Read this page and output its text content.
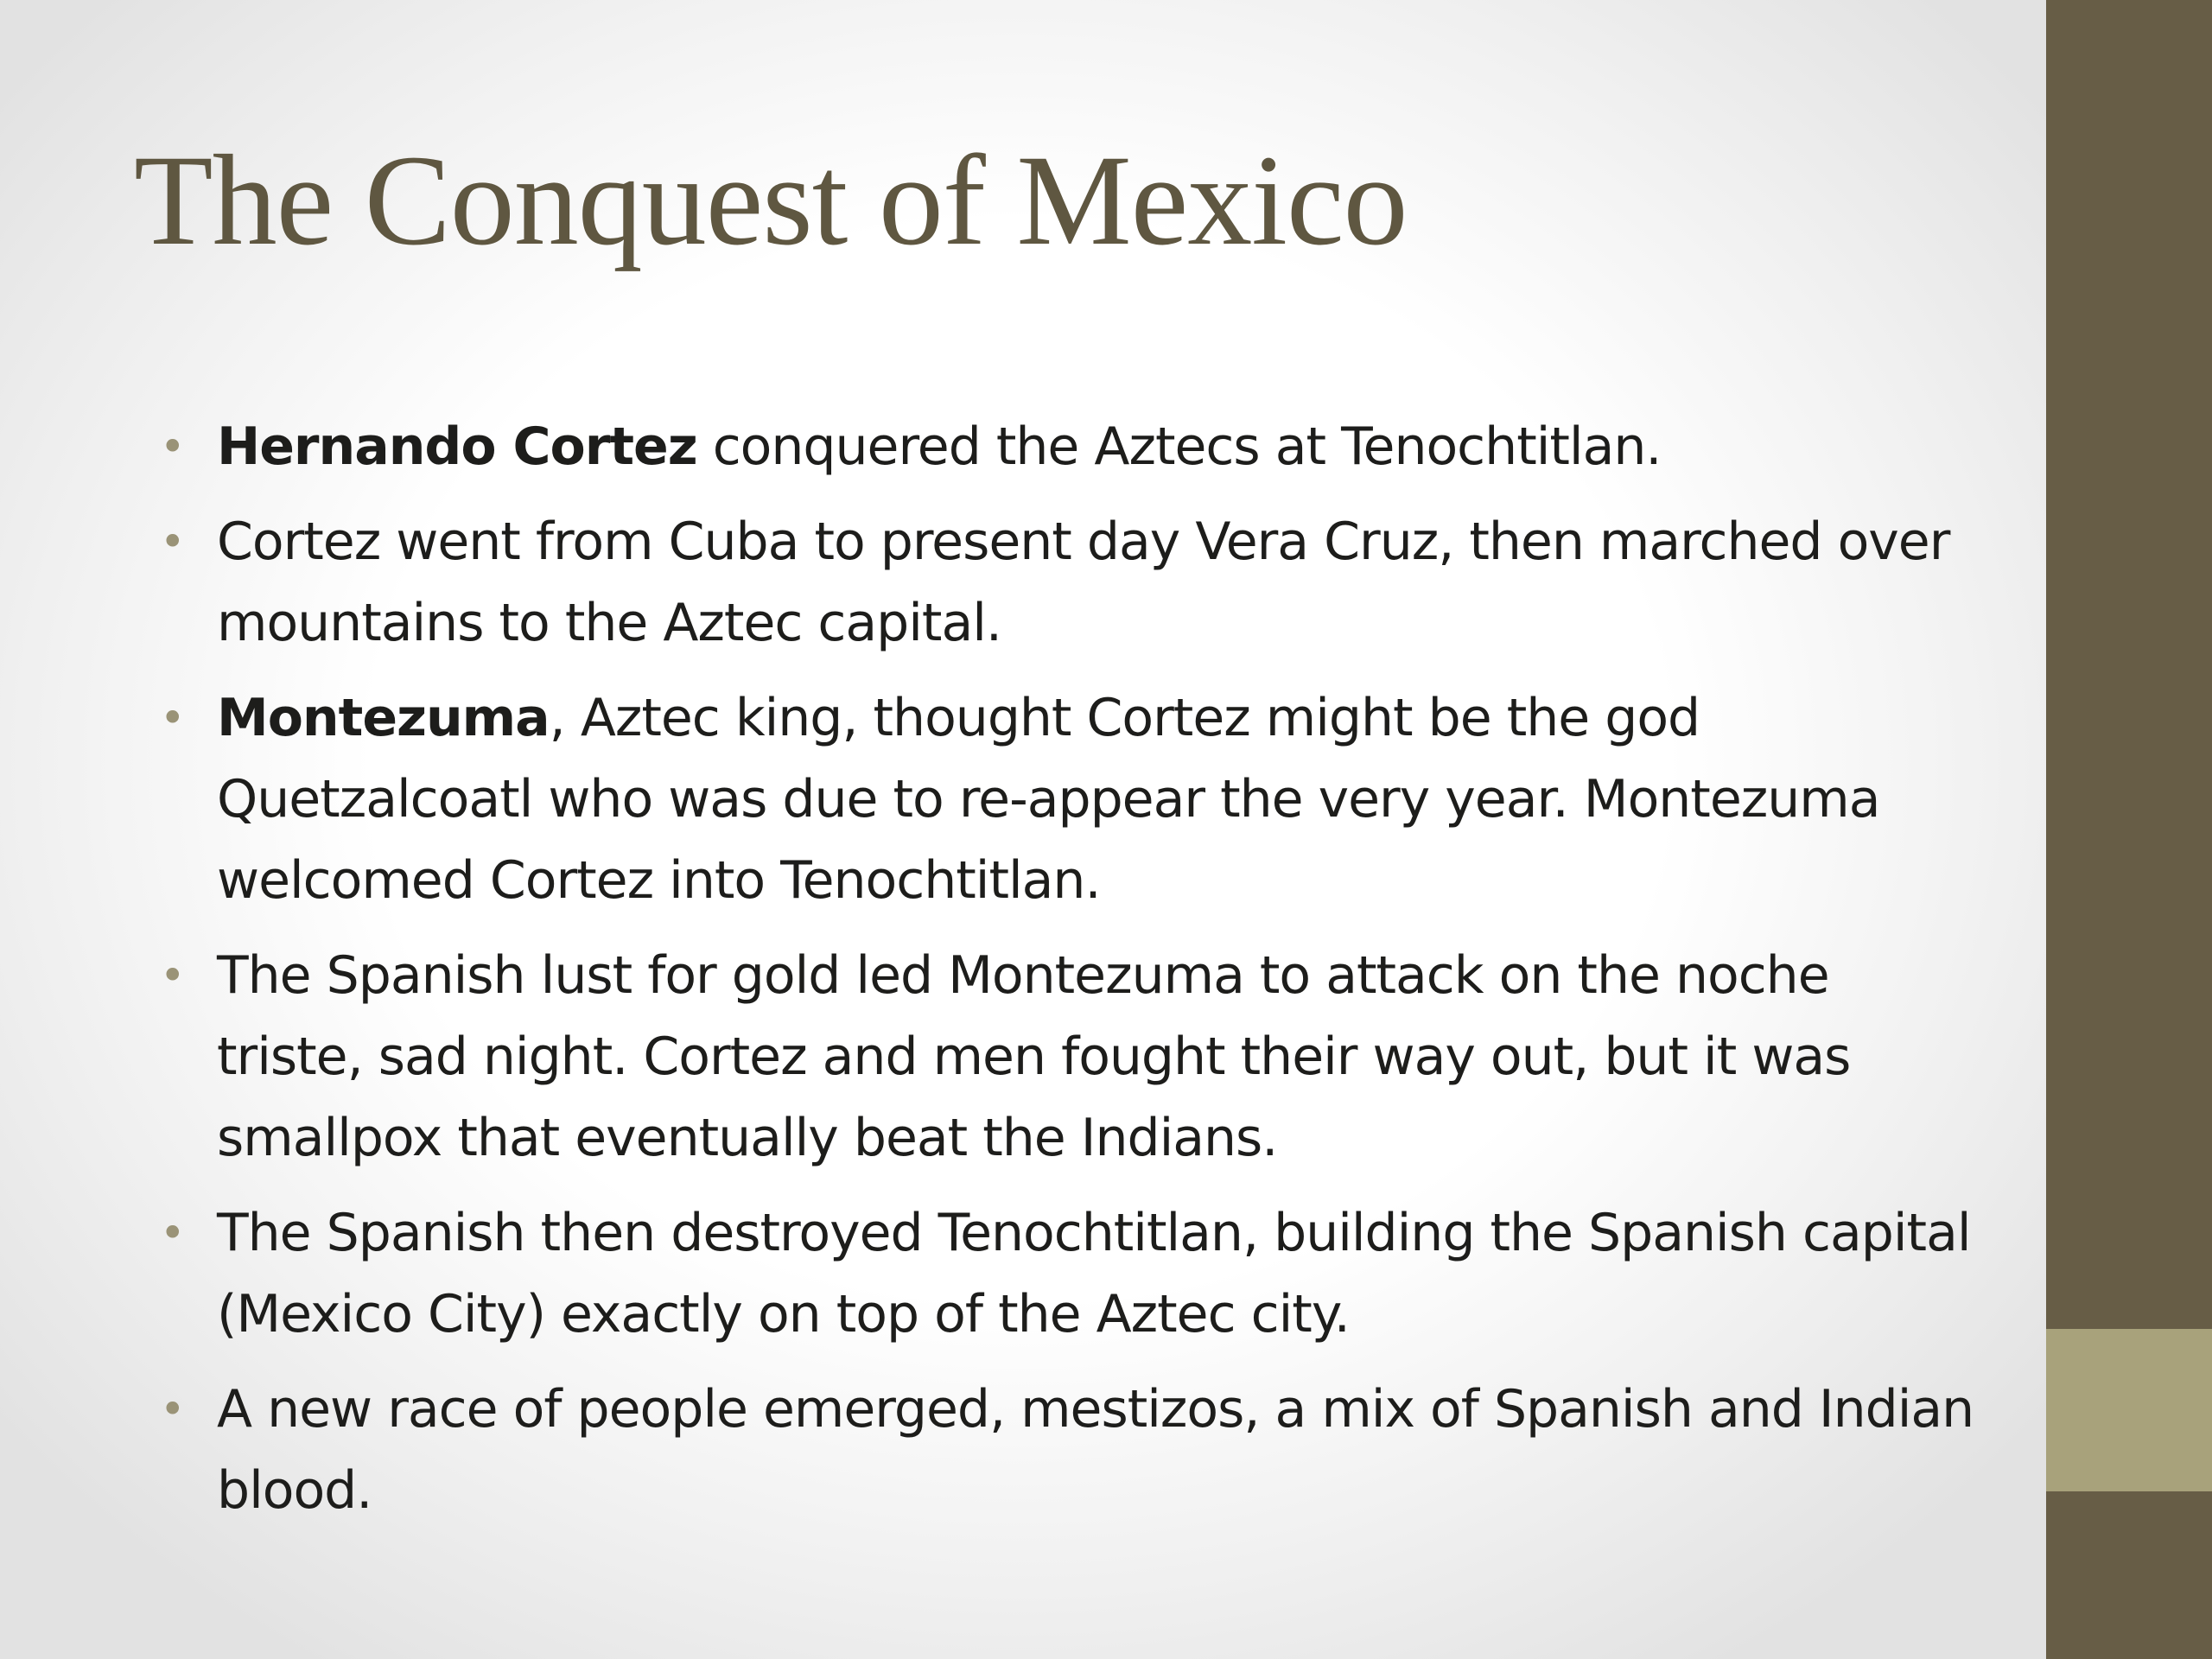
The Conquest of Mexico
• Hernando Cortez conquered the Aztecs at Tenochtitlan.
• Cortez went from Cuba to present day Vera Cruz, then marched over mountains to the Aztec capital.
• Montezuma, Aztec king, thought Cortez might be the god Quetzalcoatl who was due to re-appear the very year. Montezuma welcomed Cortez into Tenochtitlan.
• The Spanish lust for gold led Montezuma to attack on the noche triste, sad night. Cortez and men fought their way out, but it was smallpox that eventually beat the Indians.
• The Spanish then destroyed Tenochtitlan, building the Spanish capital (Mexico City) exactly on top of the Aztec city.
• A new race of people emerged, mestizos, a mix of Spanish and Indian blood.
